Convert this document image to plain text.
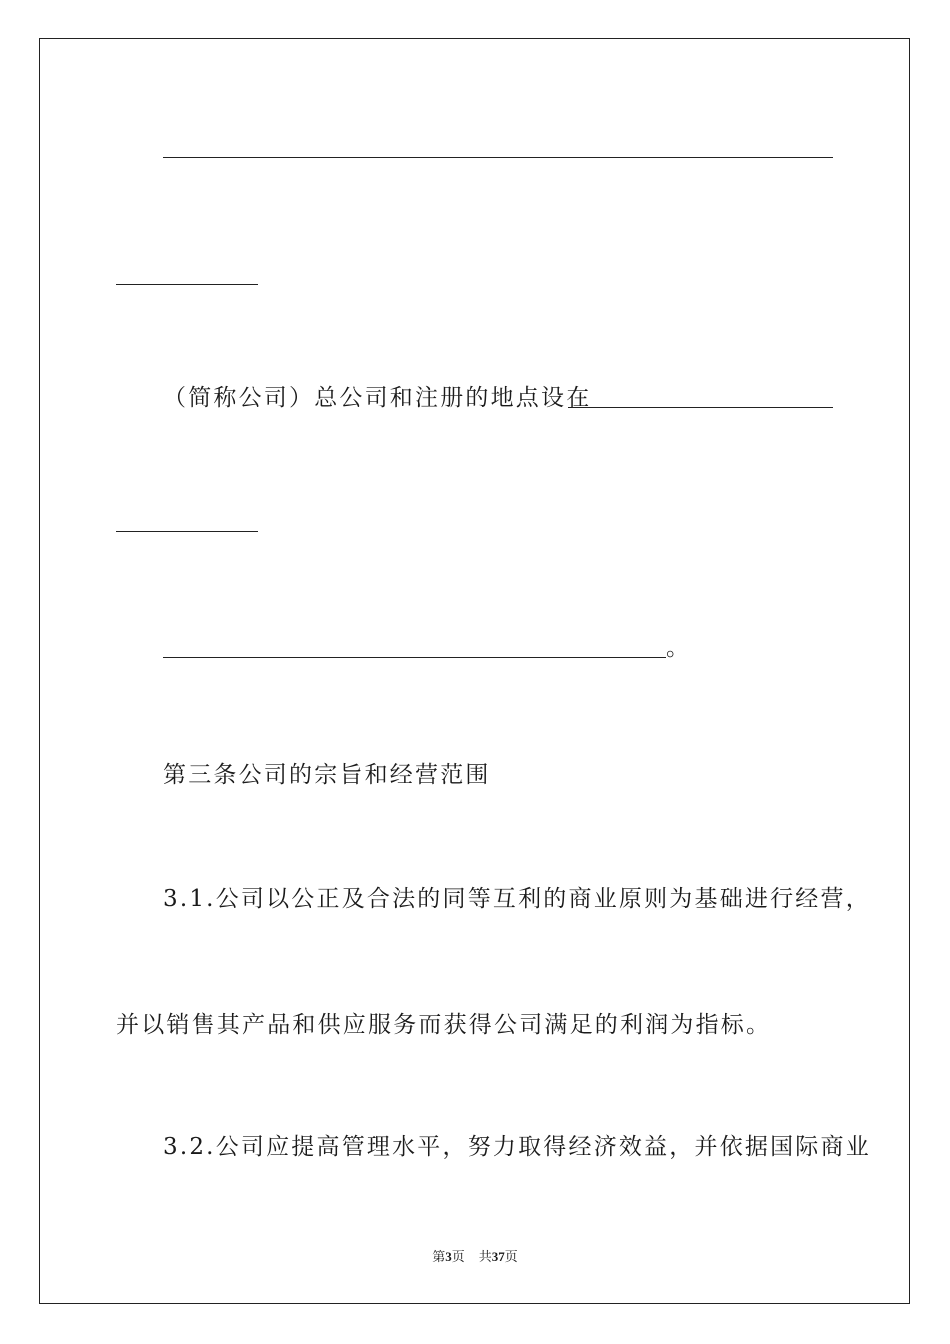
（简称公司）总公司和注册的地点设在
。
第三条公司的宗旨和经营范围
3.1.公司以公正及合法的同等互利的商业原则为基础进行经营，
并以销售其产品和供应服务而获得公司满足的利润为指标。
3.2.公司应提高管理水平，努力取得经济效益，并依据国际商业
第3页 共37页
